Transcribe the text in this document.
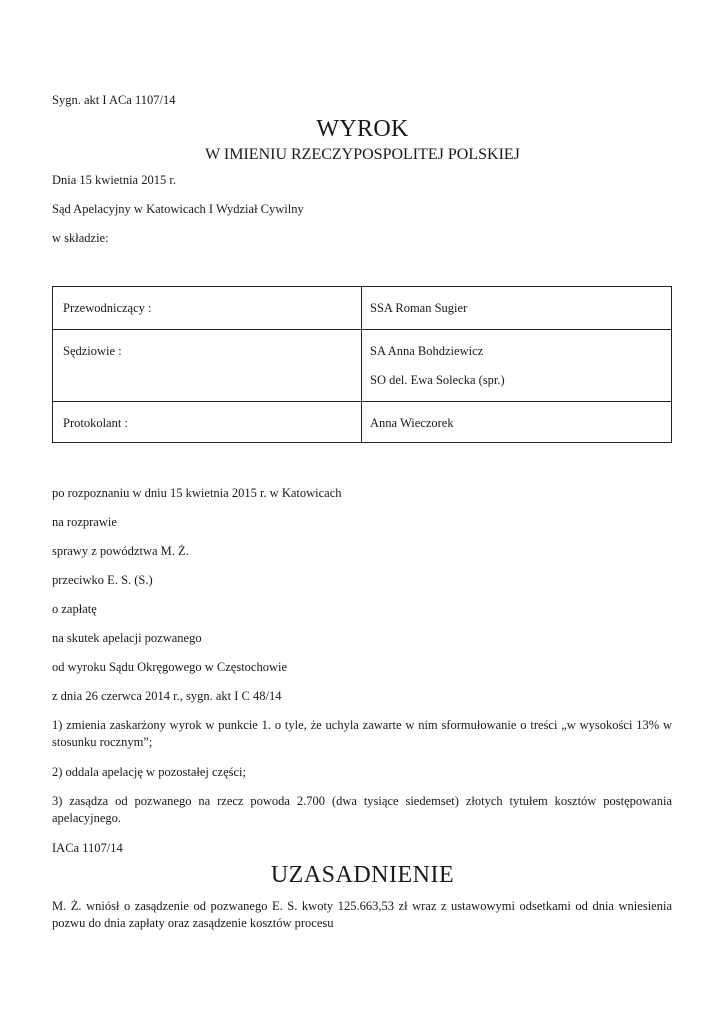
Sygn. akt I ACa 1107/14
WYROK
W IMIENIU RZECZYPOSPOLITEJ POLSKIEJ
Dnia 15 kwietnia 2015 r.
Sąd Apelacyjny w Katowicach I Wydział Cywilny
w składzie:
Przewodniczący :	SSA Roman Sugier
Sędziowie :	SA Anna Bohdziewicz
SO del. Ewa Solecka (spr.)
Protokolant :	Anna Wieczorek
po rozpoznaniu w dniu 15 kwietnia 2015 r. w Katowicach
na rozprawie
sprawy z powództwa M. Ż.
przeciwko E. S. (S.)
o zapłatę
na skutek apelacji pozwanego
od wyroku Sądu Okręgowego w Częstochowie
z dnia 26 czerwca 2014 r., sygn. akt I C 48/14
1) zmienia zaskarżony wyrok w punkcie 1. o tyle, że uchyla zawarte w nim sformułowanie o treści „w wysokości 13% w stosunku rocznym”;
2) oddala apelację w pozostałej części;
3) zasądza od pozwanego na rzecz powoda 2.700 (dwa tysiące siedemset) złotych tytułem kosztów postępowania apelacyjnego.
IACa 1107/14
UZASADNIENIE
M. Ż. wniósł o zasądzenie od pozwanego E. S. kwoty 125.663,53 zł wraz z ustawowymi odsetkami od dnia wniesienia pozwu do dnia zapłaty oraz zasądzenie kosztów procesu
